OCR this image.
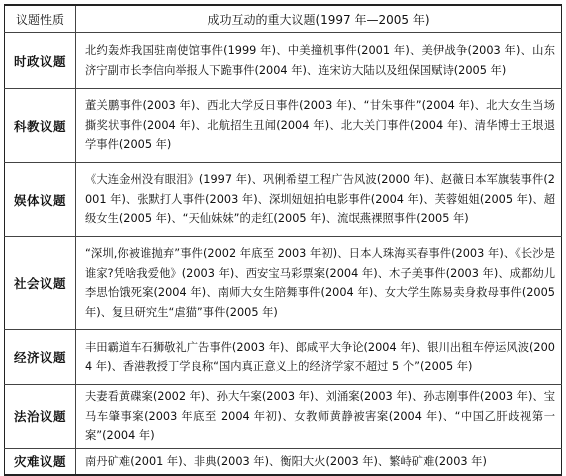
议题性质	成功互动的重大议题(1997 年—2005 年)
时政议题	北约轰炸我国驻南使馆事件(1999 年)、中美撞机事件(2001 年)、美伊战争(2003 年)、山东济宁副市长李信向举报人下跪事件(2004 年)、连宋访大陆以及纽保国赋诗(2005 年)
科教议题	董关鹏事件(2003 年)、西北大学反日事件(2003 年)、“甘朱事件”(2004 年)、北大女生当场撕奖状事件(2004 年)、北航招生丑闻(2004 年)、北大关门事件(2004 年)、清华博士王垠退学事件(2005 年)
娱体议题	《大连金州没有眼泪》(1997 年)、巩俐希望工程广告风波(2000 年)、赵薇日本军旗装事件(2001 年)、张默打人事件(2003 年)、深圳妞妞拍电影事件(2004 年)、芙蓉姐姐(2005 年)、超级女生(2005 年)、“天仙妹妹”的走红(2005 年)、流氓燕裸照事件(2005 年)
社会议题	“深圳,你被谁抛弃”事件(2002 年底至 2003 年初)、日本人珠海买春事件(2003 年)、《长沙是谁家?凭啥我爱他》(2003 年)、西安宝马彩票案(2004 年)、木子美事件(2003 年)、成都幼儿李思怡饿死案(2004 年)、南师大女生陪舞事件(2004 年)、女大学生陈易卖身救母事件(2005 年)、复旦研究生“虐猫”事件(2005 年)
经济议题	丰田霸道车石狮敬礼广告事件(2003 年)、郎咸平大争论(2004 年)、银川出租车停运风波(2004 年)、香港教授丁学良称“国内真正意义上的经济学家不超过 5 个”(2005 年)
法治议题	夫妻看黄碟案(2002 年)、孙大午案(2003 年)、刘涌案(2003 年)、孙志刚事件(2003 年)、宝马车肇事案(2003 年底至 2004 年初)、女教师黄静被害案(2004 年)、“中国乙肝歧视第一案”(2004 年)
灾难议题	南丹矿难(2001 年)、非典(2003 年)、衡阳大火(2003 年)、繁峙矿难(2003 年)
